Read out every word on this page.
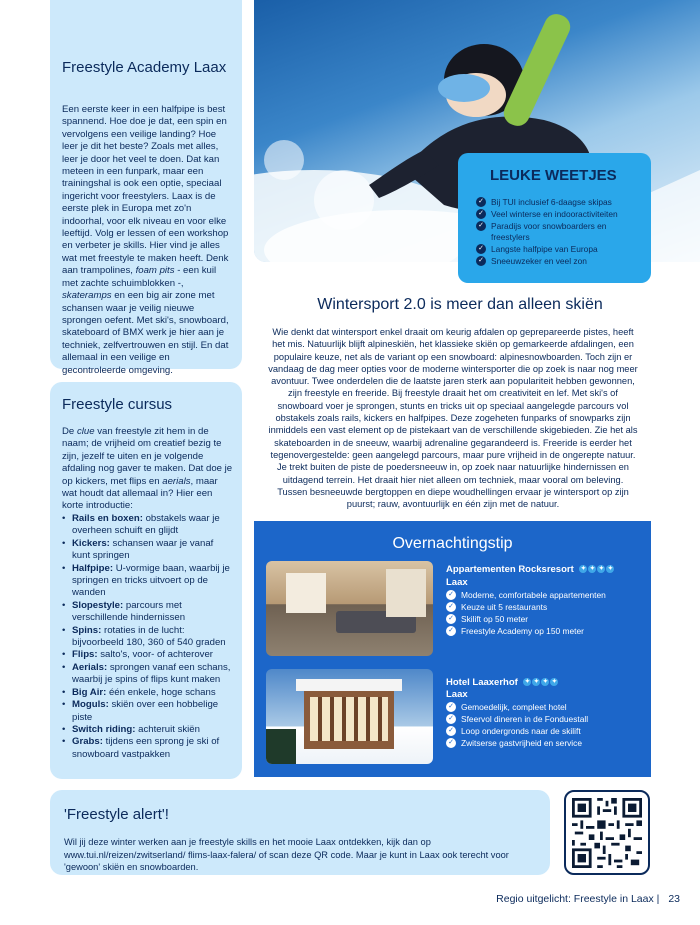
Freestyle Academy Laax

Een eerste keer in een halfpipe is best spannend. Hoe doe je dat, een spin en vervolgens een veilige landing? Hoe leer je dit het beste? Zoals met alles, leer je door het veel te doen. Dat kan meteen in een funpark, maar een trainingshal is ook een optie, speciaal ingericht voor freestylers. Laax is de eerste plek in Europa met zo'n indoorhal, voor elk niveau en voor elke leeftijd. Volg er lessen of een workshop en verbeter je skills. Hier vind je alles wat met freestyle te maken heeft. Denk aan trampolines, foam pits - een kuil met zachte schuimblokken -, skateramps en een big air zone met schansen waar je veilig nieuwe sprongen oefent. Met ski's, snowboard, skateboard of BMX werk je hier aan je techniek, zelfvertrouwen en stijl. En dat allemaal in een veilige en gecontroleerde omgeving.

Freestyle cursus

De clue van freestyle zit hem in de naam; de vrijheid om creatief bezig te zijn, jezelf te uiten en je volgende afdaling nog gaver te maken. Dat doe je op kickers, met flips en aerials, maar wat houdt dat allemaal in? Hier een korte introductie:

• Rails en boxen: obstakels waar je overheen schuift en glijdt
• Kickers: schansen waar je vanaf kunt springen
• Halfpipe: U-vormige baan, waarbij je springen en tricks uitvoert op de wanden
• Slopestyle: parcours met verschillende hindernissen
• Spins: rotaties in de lucht: bijvoorbeeld 180, 360 of 540 graden
• Flips: salto's, voor- of achterover
• Aerials: sprongen vanaf een schans, waarbij je spins of flips kunt maken
• Big Air: één enkele, hoge schans
• Moguls: skiën over een hobbelige piste
• Switch riding: achteruit skiën
• Grabs: tijdens een sprong je ski of snowboard vastpakken
LEUKE WEETJES
✓ Bij TUI inclusief 6-daagse skipas
✓ Veel winterse en indooractiviteiten
✓ Paradijs voor snowboarders en freestylers
✓ Langste halfpipe van Europa
✓ Sneeuwzeker en veel zon
Wintersport 2.0 is meer dan alleen skiën

Wie denkt dat wintersport enkel draait om keurig afdalen op geprepareerde pistes, heeft het mis. Natuurlijk blijft alpineskiën, het klassieke skiën op gemarkeerde afdalingen, een populaire keuze, net als de variant op een snowboard: alpinesnowboarden. Toch zijn er vandaag de dag meer opties voor de moderne wintersporter die op zoek is naar nog meer avontuur. Twee onderdelen die de laatste jaren sterk aan populariteit hebben gewonnen, zijn freestyle en freeride. Bij freestyle draait het om creativiteit en lef. Met ski's of snowboard voer je sprongen, stunts en tricks uit op speciaal aangelegde parcours vol obstakels zoals rails, kickers en halfpipes. Deze zogeheten funparks of snowparks zijn inmiddels een vast element op de pistekaart van de verschillende skigebieden. Zie het als skateboarden in de sneeuw, waarbij adrenaline gegarandeerd is. Freeride is eerder het tegenovergestelde: geen aangelegd parcours, maar pure vrijheid in de ongerepte natuur. Je trekt buiten de piste de poedersneeuw in, op zoek naar natuurlijke hindernissen en uitdagend terrein. Het draait hier niet alleen om techniek, maar vooral om beleving. Tussen besneeuwde bergtoppen en diepe woudhellingen ervaar je wintersport op zijn puurst; rauw, avontuurlijk en één zijn met de natuur.

Overnachtingstip
Appartementen Rocksresort ✦ ✦ ✦ ✦
Laax
✓ Moderne, comfortabele appartementen
✓ Keuze uit 5 restaurants
✓ Skilift op 50 meter
✓ Freestyle Academy op 150 meter
Hotel Laaxerhof ✦ ✦ ✦ ✦
Laax
✓ Gemoedelijk, compleet hotel
✓ Sfeervol dineren in de Fonduestall
✓ Loop ondergronds naar de skilift
✓ Zwitserse gastvrijheid en service
'Freestyle alert'!

Wil jij deze winter werken aan je freestyle skills en het mooie Laax ontdekken, kijk dan op www.tui.nl/reizen/zwitserland/ flims-laax-falera/ of scan deze QR code. Maar je kunt in Laax ook terecht voor 'gewoon' skiën en snowboarden.

Regio uitgelicht: Freestyle in Laax | 23
